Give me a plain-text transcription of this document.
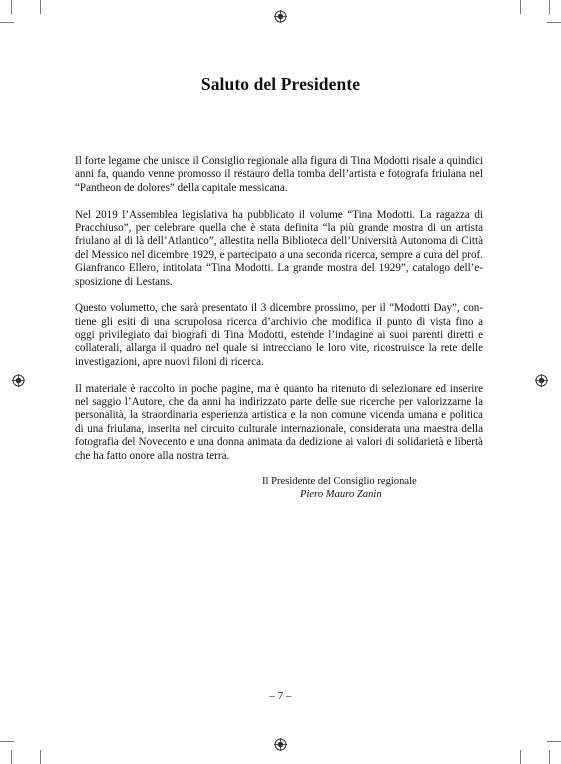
Saluto del Presidente

Il forte legame che unisce il Consiglio regionale alla figura di Tina Modotti risale a quindici
anni fa, quando venne promosso il restauro della tomba dell’artista e fotografa friulana nel
“Pantheon de dolores” della capitale messicana.

Nel 2019 l’Assemblea legislativa ha pubblicato il volume “Tina Modotti. La ragazza di
Pracchiuso”, per celebrare quella che è stata definita “la più grande mostra di un artista
friulano al di là dell’Atlantico”, allestita nella Biblioteca dell’Università Autonoma di Città
del Messico nel dicembre 1929, e partecipato a una seconda ricerca, sempre a cura del prof.
Gianfranco Ellero, intitolata “Tina Modotti. La grande mostra del 1929”, catalogo dell’e-
sposizione di Lestans.

Questo volumetto, che sarà presentato il 3 dicembre prossimo, per il “Modotti Day”, con-
tiene gli esiti di una scrupolosa ricerca d’archivio che modifica il punto di vista fino a
oggi privilegiato dai biografi di Tina Modotti, estende l’indagine ai suoi parenti diretti e
collaterali, allarga il quadro nel quale si intrecciano le loro vite, ricostruisce la rete delle
investigazioni, apre nuovi filoni di ricerca.

Il materiale è raccolto in poche pagine, ma è quanto ha ritenuto di selezionare ed inserire
nel saggio l’Autore, che da anni ha indirizzato parte delle sue ricerche per valorizzarne la
personalità, la straordinaria esperienza artistica e la non comune vicenda umana e politica
di una friulana, inserita nel circuito culturale internazionale, considerata una maestra della
fotografia del Novecento e una donna animata da dedizione ai valori di solidarietà e libertà
che ha fatto onore alla nostra terra.

Il Presidente del Consiglio regionale
Piero Mauro Zanin
– 7 –
